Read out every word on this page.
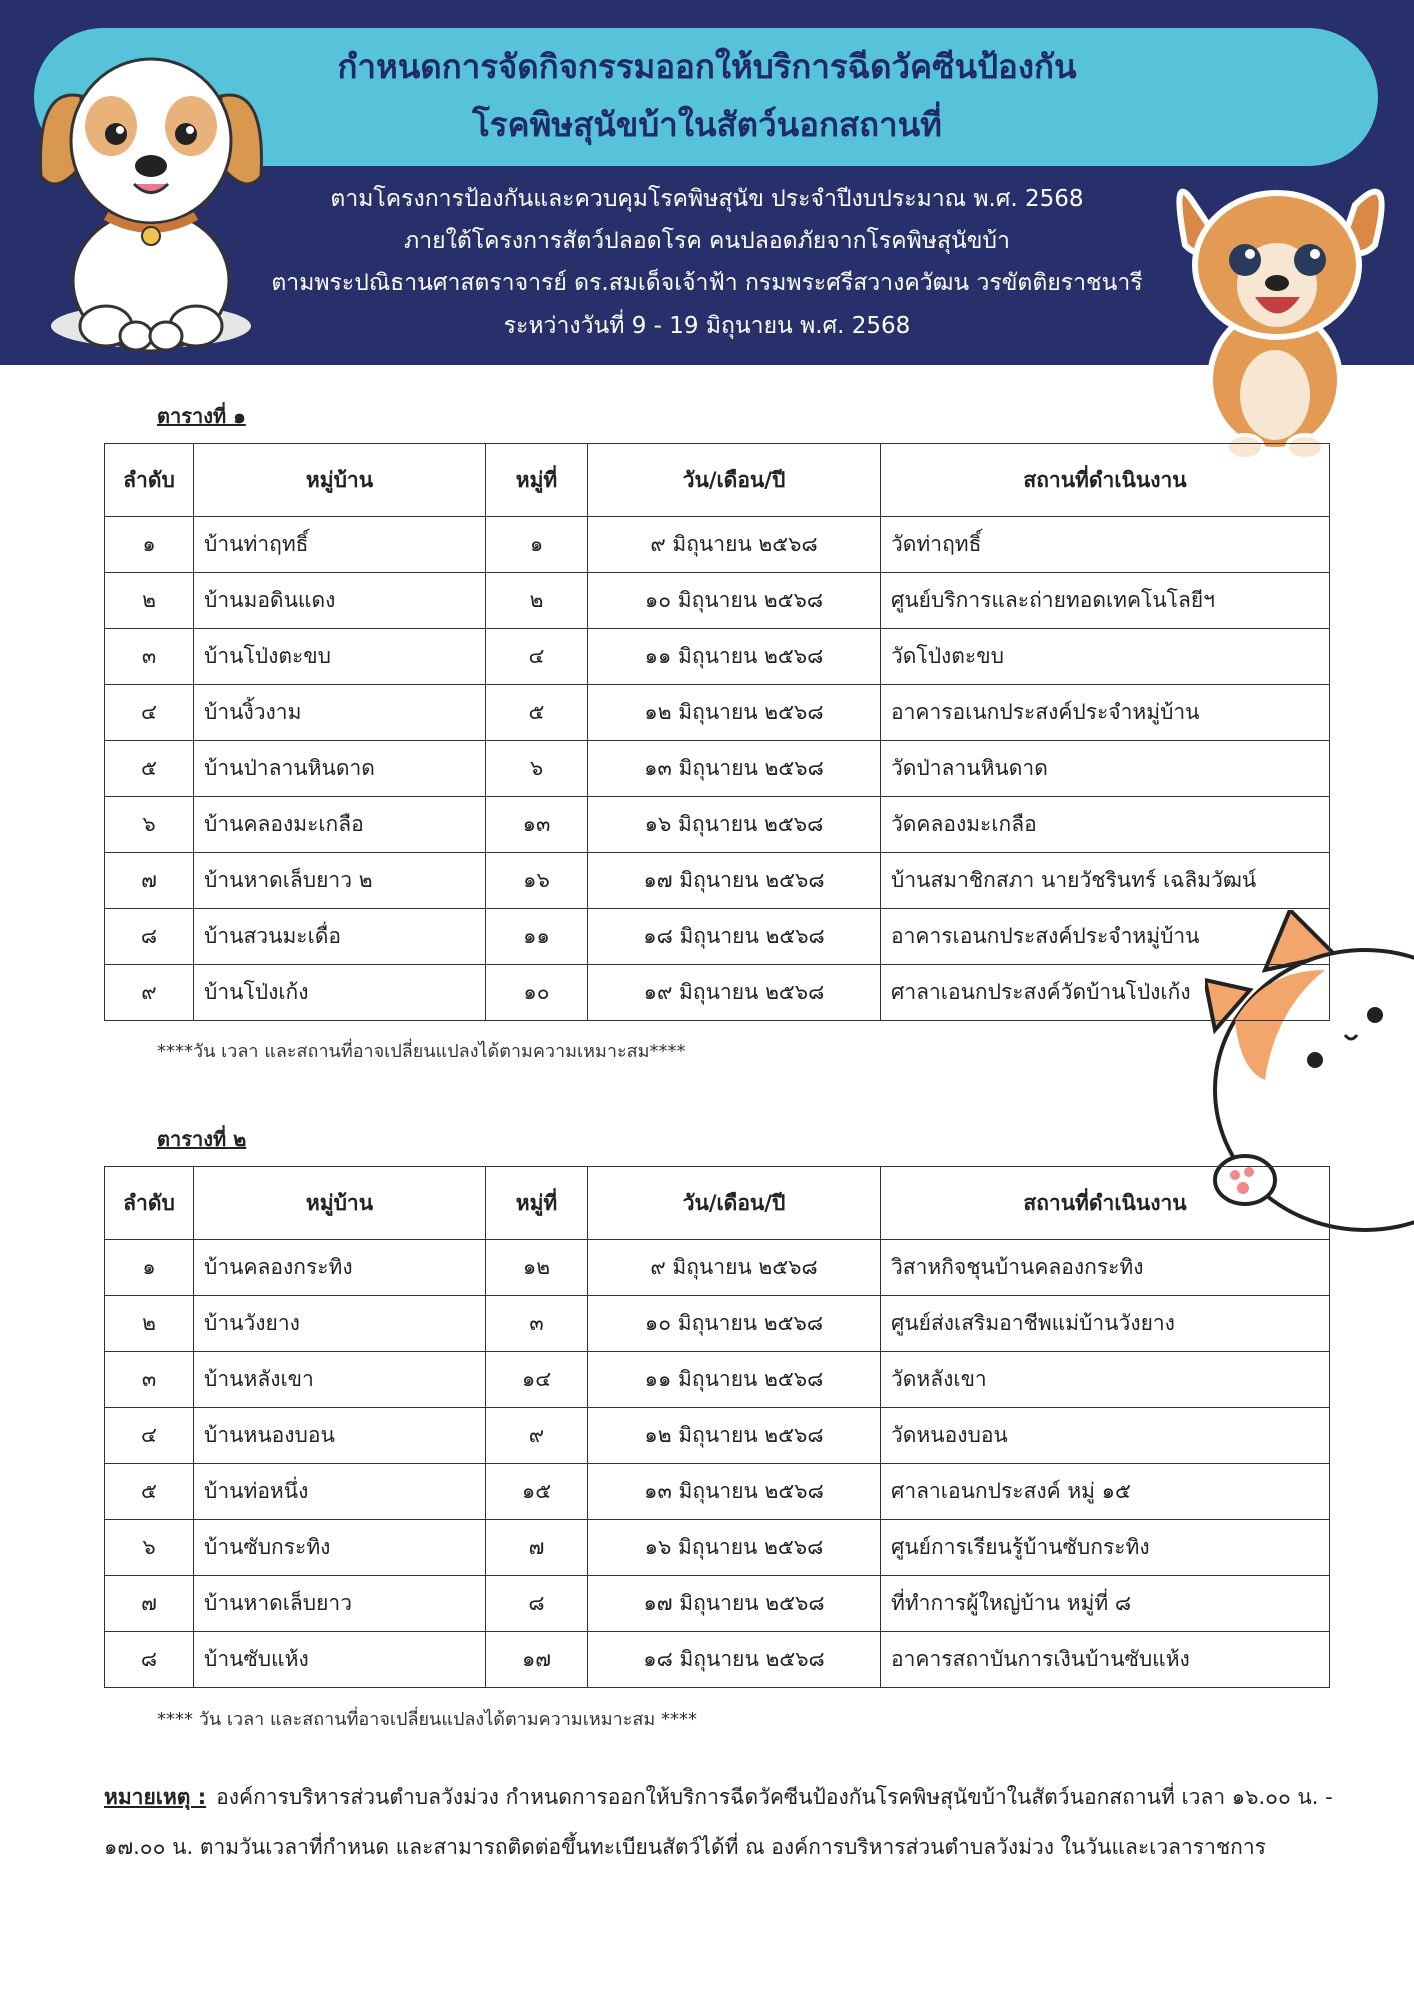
กำหนดการจัดกิจกรรมออกให้บริการฉีดวัคซีนป้องกัน
โรคพิษสุนัขบ้าในสัตว์นอกสถานที่
ตามโครงการป้องกันและควบคุมโรคพิษสุนัข ประจำปีงบประมาณ พ.ศ. 2568
ภายใต้โครงการสัตว์ปลอดโรค คนปลอดภัยจากโรคพิษสุนัขบ้า
ตามพระปณิธานศาสตราจารย์ ดร.สมเด็จเจ้าฟ้า กรมพระศรีสวางควัฒน วรขัตติยราชนารี
ระหว่างวันที่ 9 - 19 มิถุนายน พ.ศ. 2568
ตารางที่ ๑
ลำดับ	หมู่บ้าน	หมู่ที่	วัน/เดือน/ปี	สถานที่ดำเนินงาน
๑	บ้านท่าฤทธิ์	๑	๙ มิถุนายน ๒๕๖๘	วัดท่าฤทธิ์
๒	บ้านมอดินแดง	๒	๑๐ มิถุนายน ๒๕๖๘	ศูนย์บริการและถ่ายทอดเทคโนโลยีฯ
๓	บ้านโป่งตะขบ	๔	๑๑ มิถุนายน ๒๕๖๘	วัดโป่งตะขบ
๔	บ้านงิ้วงาม	๕	๑๒ มิถุนายน ๒๕๖๘	อาคารอเนกประสงค์ประจำหมู่บ้าน
๕	บ้านป่าลานหินดาด	๖	๑๓ มิถุนายน ๒๕๖๘	วัดป่าลานหินดาด
๖	บ้านคลองมะเกลือ	๑๓	๑๖ มิถุนายน ๒๕๖๘	วัดคลองมะเกลือ
๗	บ้านหาดเล็บยาว ๒	๑๖	๑๗ มิถุนายน ๒๕๖๘	บ้านสมาชิกสภา นายวัชรินทร์ เฉลิมวัฒน์
๘	บ้านสวนมะเดื่อ	๑๑	๑๘ มิถุนายน ๒๕๖๘	อาคารเอนกประสงค์ประจำหมู่บ้าน
๙	บ้านโป่งเก้ง	๑๐	๑๙ มิถุนายน ๒๕๖๘	ศาลาเอนกประสงค์วัดบ้านโป่งเก้ง
****วัน เวลา และสถานที่อาจเปลี่ยนแปลงได้ตามความเหมาะสม****
ตารางที่ ๒
ลำดับ	หมู่บ้าน	หมู่ที่	วัน/เดือน/ปี	สถานที่ดำเนินงาน
๑	บ้านคลองกระทิง	๑๒	๙ มิถุนายน ๒๕๖๘	วิสาหกิจชุนบ้านคลองกระทิง
๒	บ้านวังยาง	๓	๑๐ มิถุนายน ๒๕๖๘	ศูนย์ส่งเสริมอาชีพแม่บ้านวังยาง
๓	บ้านหลังเขา	๑๔	๑๑ มิถุนายน ๒๕๖๘	วัดหลังเขา
๔	บ้านหนองบอน	๙	๑๒ มิถุนายน ๒๕๖๘	วัดหนองบอน
๕	บ้านท่อหนึ่ง	๑๕	๑๓ มิถุนายน ๒๕๖๘	ศาลาเอนกประสงค์ หมู่ ๑๕
๖	บ้านซับกระทิง	๗	๑๖ มิถุนายน ๒๕๖๘	ศูนย์การเรียนรู้บ้านซับกระทิง
๗	บ้านหาดเล็บยาว	๘	๑๗ มิถุนายน ๒๕๖๘	ที่ทำการผู้ใหญ่บ้าน หมู่ที่ ๘
๘	บ้านซับแห้ง	๑๗	๑๘ มิถุนายน ๒๕๖๘	อาคารสถาบันการเงินบ้านซับแห้ง
**** วัน เวลา และสถานที่อาจเปลี่ยนแปลงได้ตามความเหมาะสม ****
หมายเหตุ : องค์การบริหารส่วนตำบลวังม่วง กำหนดการออกให้บริการฉีดวัคซีนป้องกันโรคพิษสุนัขบ้าในสัตว์นอกสถานที่ เวลา ๑๖.๐๐ น. - ๑๗.๐๐ น. ตามวันเวลาที่กำหนด และสามารถติดต่อขึ้นทะเบียนสัตว์ได้ที่ ณ องค์การบริหารส่วนตำบลวังม่วง ในวันและเวลาราชการ
